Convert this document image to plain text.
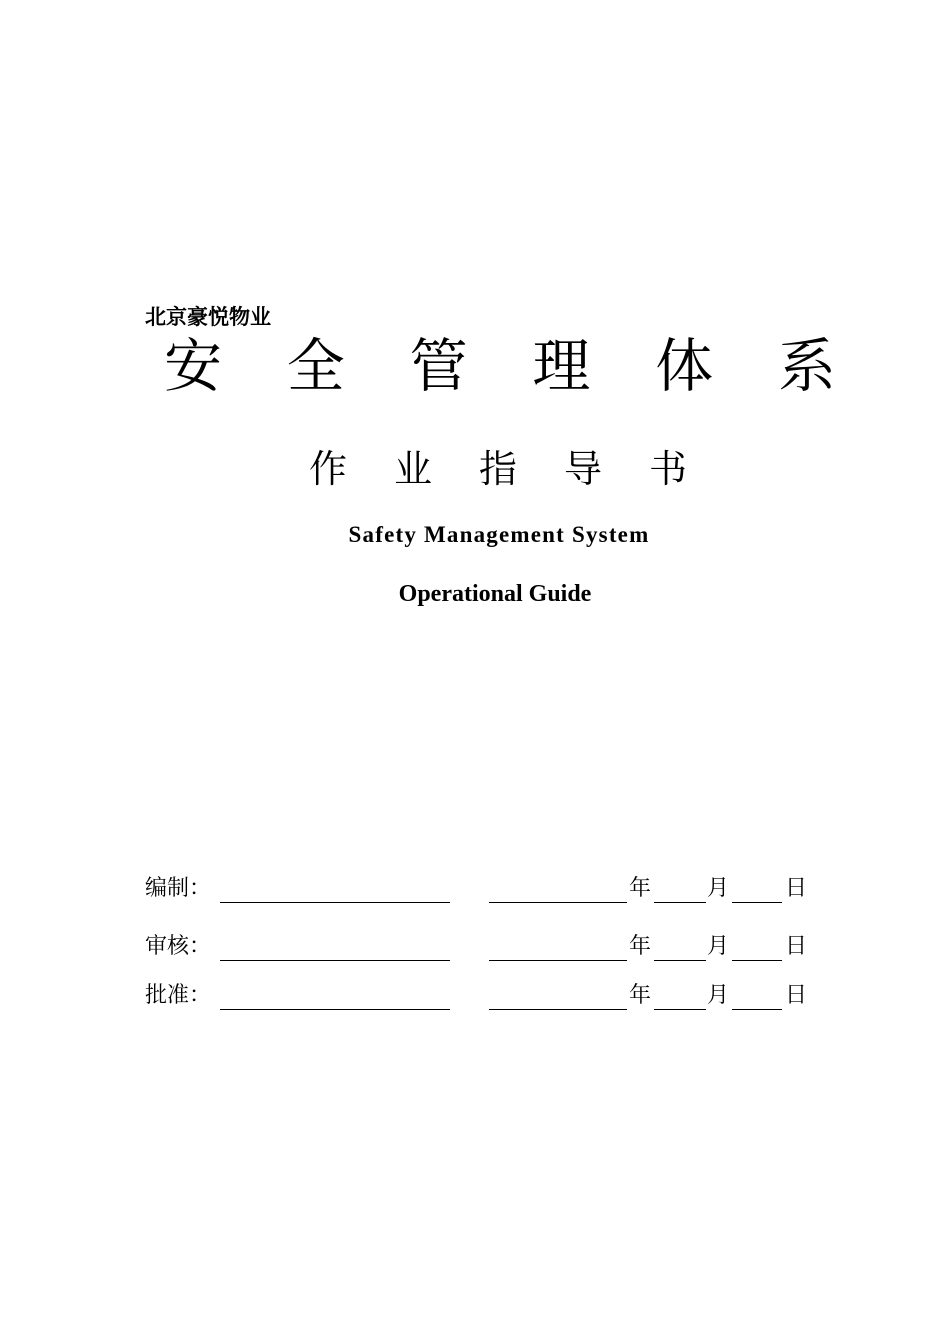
北京豪悦物业
安 全 管 理 体 系
作 业 指 导 书
Safety Management System
Operational Guide
编制：	年	月	日
审核：	年	月	日
批准：	年	月	日
